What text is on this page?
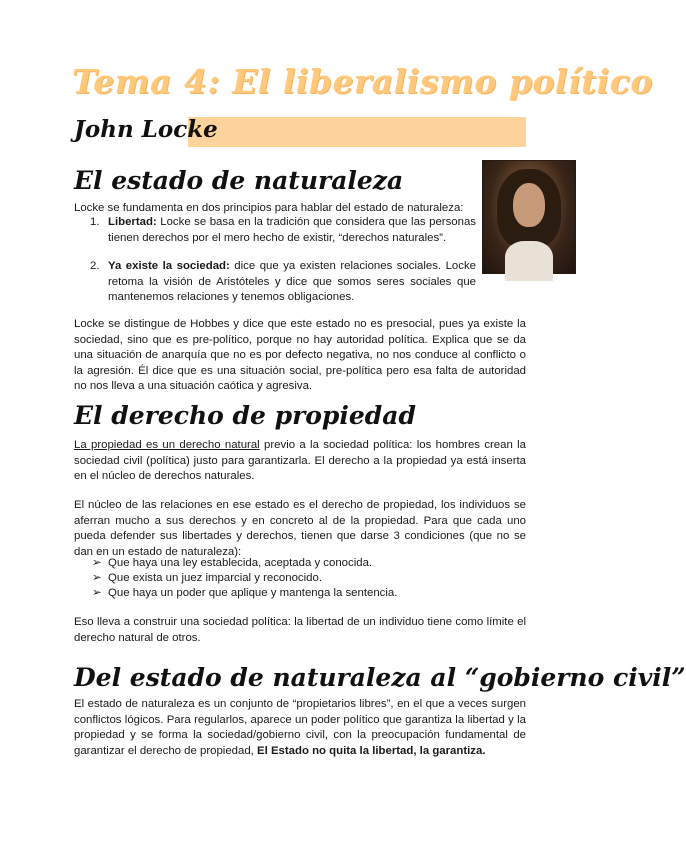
Tema 4: El liberalismo político
John Locke
El estado de naturaleza

Locke se fundamenta en dos principios para hablar del estado de naturaleza:

1. Libertad: Locke se basa en la tradición que considera que las personas tienen derechos por el mero hecho de existir, “derechos naturales”.
2. Ya existe la sociedad: dice que ya existen relaciones sociales. Locke retoma la visión de Aristóteles y dice que somos seres sociales que mantenemos relaciones y tenemos obligaciones.

Locke se distingue de Hobbes y dice que este estado no es presocial, pues ya existe la sociedad, sino que es pre-político, porque no hay autoridad política. Explica que se da una situación de anarquía que no es por defecto negativa, no nos conduce al conflicto o la agresión. Él dice que es una situación social, pre-política pero esa falta de autoridad no nos lleva a una situación caótica y agresiva.

El derecho de propiedad

La propiedad es un derecho natural previo a la sociedad política: los hombres crean la sociedad civil (política) justo para garantizarla. El derecho a la propiedad ya está inserta en el núcleo de derechos naturales.

El núcleo de las relaciones en ese estado es el derecho de propiedad, los individuos se aferran mucho a sus derechos y en concreto al de la propiedad. Para que cada uno pueda defender sus libertades y derechos, tienen que darse 3 condiciones (que no se dan en un estado de naturaleza):

➢ Que haya una ley establecida, aceptada y conocida.
➢ Que exista un juez imparcial y reconocido.
➢ Que haya un poder que aplique y mantenga la sentencia.

Eso lleva a construir una sociedad política: la libertad de un individuo tiene como límite el derecho natural de otros.

Del estado de naturaleza al “gobierno civil”

El estado de naturaleza es un conjunto de “propietarios libres”, en el que a veces surgen conflictos lógicos. Para regularlos, aparece un poder político que garantiza la libertad y la propiedad y se forma la sociedad/gobierno civil, con la preocupación fundamental de garantizar el derecho de propiedad, El Estado no quita la libertad, la garantiza.
